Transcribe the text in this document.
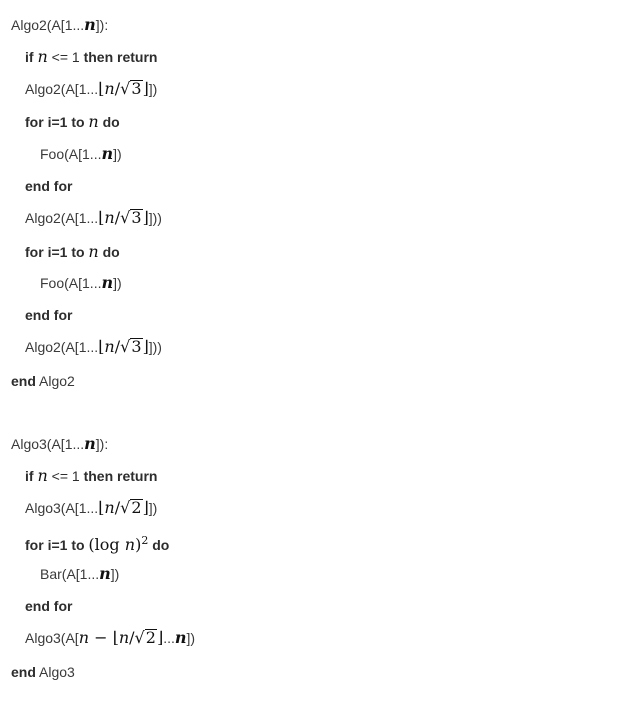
Algo2(A[1...n]):
if n <= 1 then return
Algo2(A[1...⌊n/√3⌋])
for i=1 to n do
Foo(A[1...n])
end for
Algo2(A[1...⌊n/√3⌋]))
for i=1 to n do
Foo(A[1...n])
end for
Algo2(A[1...⌊n/√3⌋]))
end Algo2
Algo3(A[1...n]):
if n <= 1 then return
Algo3(A[1...⌊n/√2⌋])
for i=1 to (log n)$^2$ do
Bar(A[1...n])
end for
Algo3(A[n − ⌊n/√2⌋...n])
end Algo3
